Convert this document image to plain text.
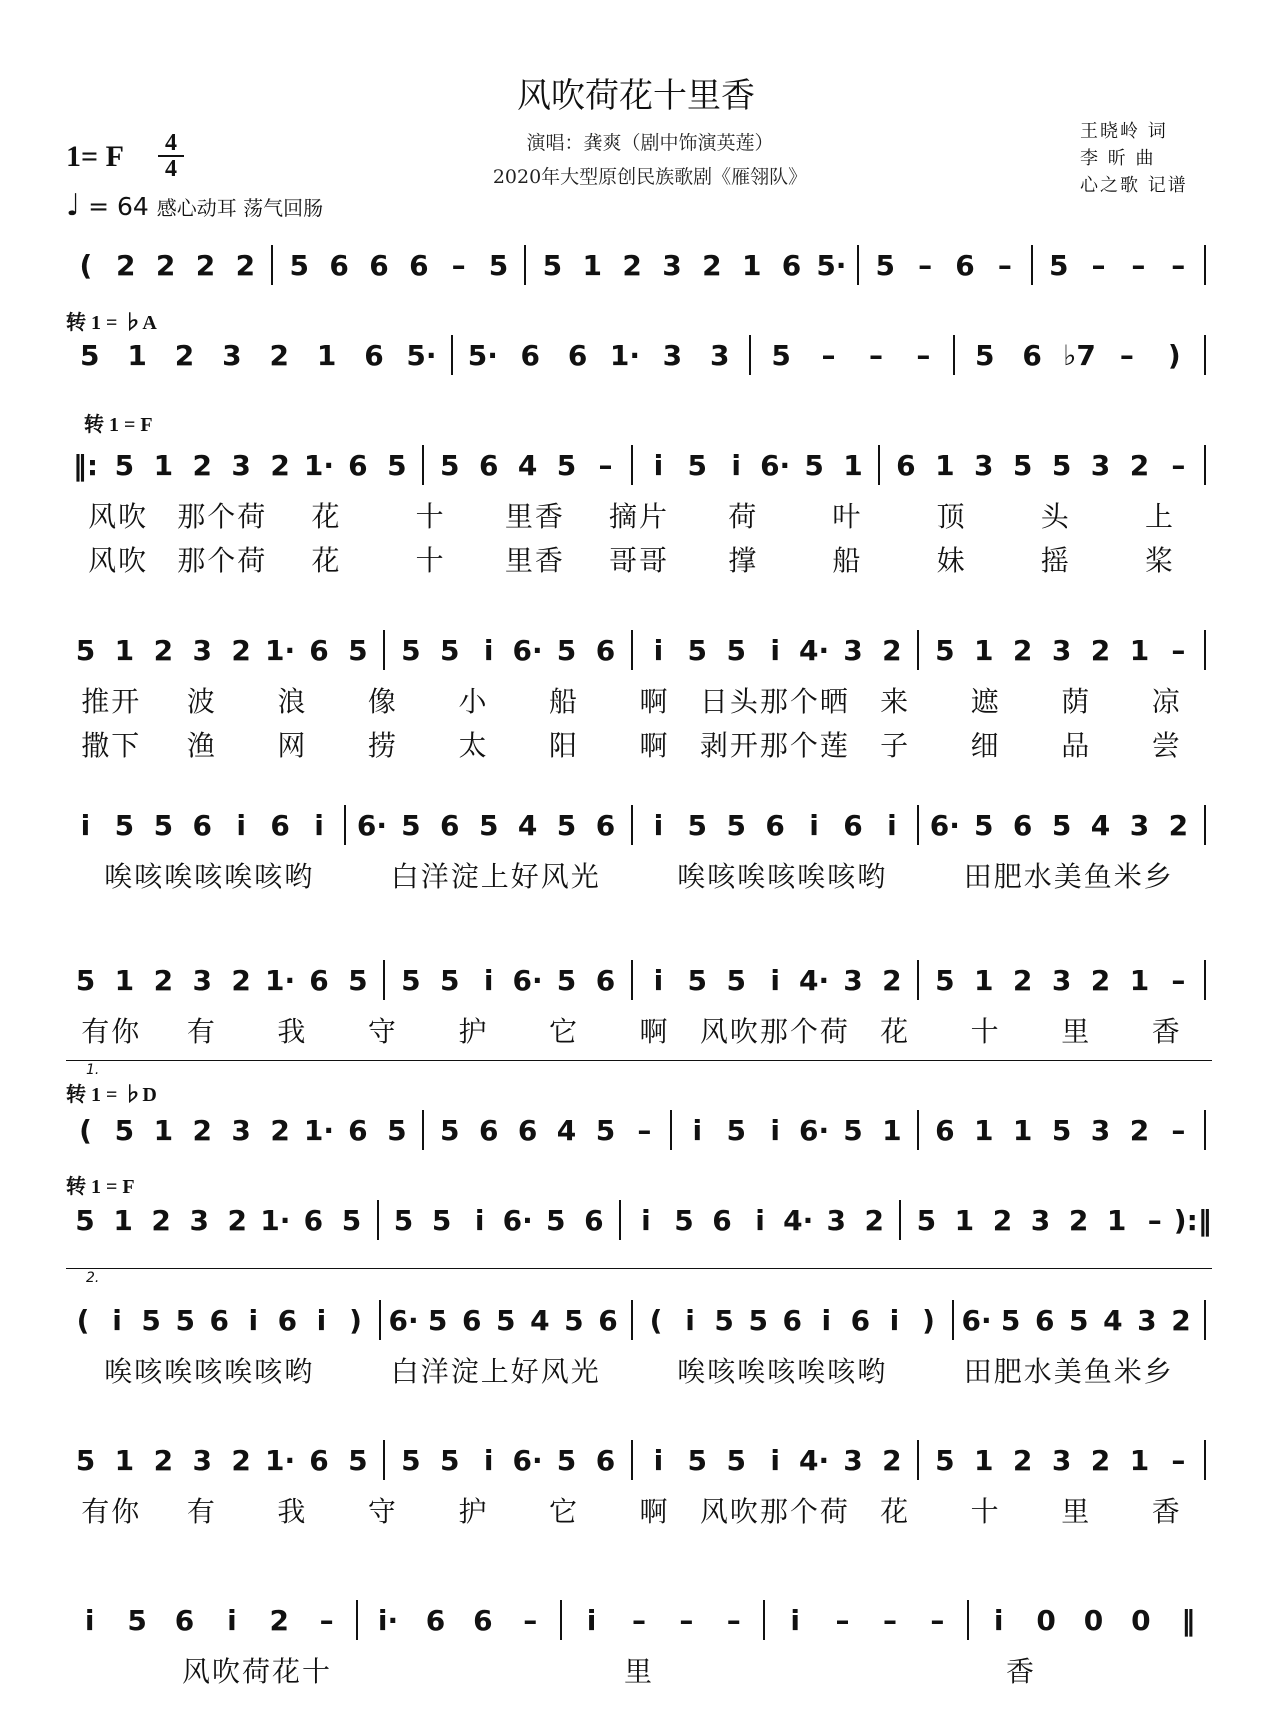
风吹荷花十里香
1= F 4
4
♩ = 64 感心动耳 荡气回肠
演唱：龚爽（剧中饰演英莲）
2020年大型原创民族歌剧《雁翎队》
王晓岭 词
李 昕 曲
心之歌 记谱
转 1 = ♭A
转 1 = F
1.
转 1 = ♭D
转 1 = F
2.
( 2 2 2 2	5 6 6 6 – 5	5 1 2 3 2 1 6 5·	5 – 6 –	5 – – –
5 1 2 3 2 1 6 5·	5· 6 6 1· 3 3	5	–	–	–	5 6 ♭7 –	)
‖: 5 1 2 3 2 1· 6 5	5 6 4 5 –	i 5 i 6· 5 1	6 1 3 5 5 3 2 –
风吹	那个荷	花	十	里香	摘片	荷	叶	顶	头	上
风吹	那个荷	花	十	里香	哥哥	撑	船	妹	摇	桨
5 1 2 3 2 1· 6 5	5 5 i 6· 5 6	i 5 5 i 4· 3 2	5 1 2 3 2 1 –
推开	波	浪	像	小	船	啊	日头那个晒	来	遮	荫	凉
撒下	渔	网	捞	太	阳	啊	剥开那个莲	子	细	品	尝
i 5 5 6 i 6 i	6· 5 6 5 4 5 6	i 5 5 6 i 6 i	6· 5 6 5 4 3 2
唉咳唉咳唉咳哟	白洋淀上好风光	唉咳唉咳唉咳哟	田肥水美鱼米乡
5 1 2 3 2 1· 6 5	5 5 i 6· 5 6	i 5 5 i 4· 3 2	5 1 2 3 2 1 –
有你	有	我	守	护	它	啊	风吹那个荷	花	十	里	香
( 5 1 2 3 2 1· 6 5	5 6 6 4 5 –	i 5 i 6· 5 1	6 1 1 5 3 2 –
5 1 2 3 2 1· 6 5	5 5 i 6· 5 6	i 5 6 i 4· 3 2	5 1 2 3 2 1 – ):‖
( i 5 5 6 i 6 i ) 6· 5 6 5 4 5 6	( i 5 5 6 i 6 i ) 6· 5 6 5 4 3 2
唉咳唉咳唉咳哟	白洋淀上好风光	唉咳唉咳唉咳哟	田肥水美鱼米乡
5 1 2 3 2 1· 6 5	5 5 i 6· 5 6	i 5 5 i 4· 3 2	5 1 2 3 2 1 –
有你	有	我	守	护	它	啊	风吹那个荷	花	十	里	香
i	5 6	i	2	–	i· 6 6	–	i	–	–	–	i	–	–	–	i	0 0 0	‖
风吹荷花十	里	香
